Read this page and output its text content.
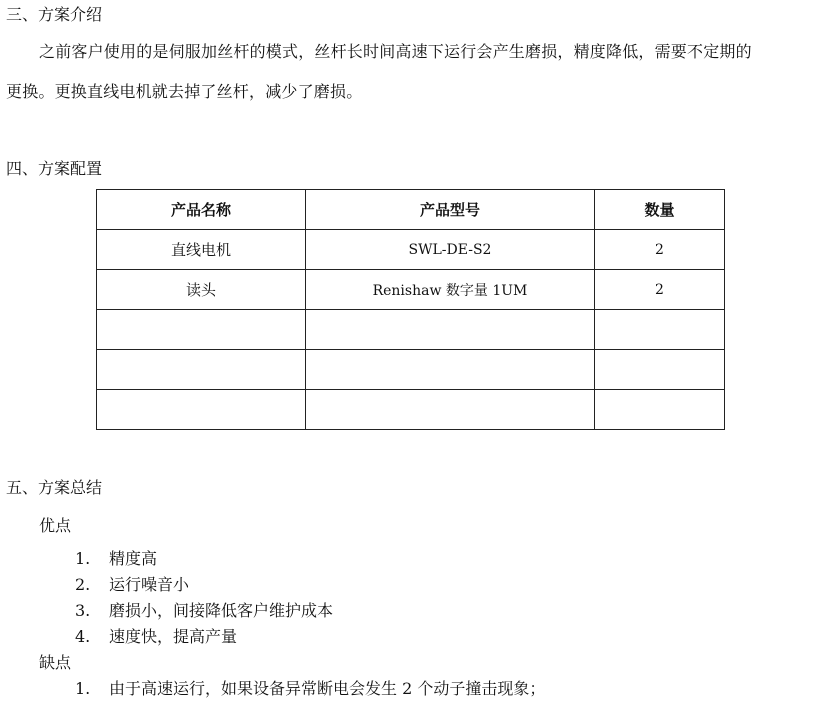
三、方案介绍
之前客户使用的是伺服加丝杆的模式，丝杆长时间高速下运行会产生磨损，精度降低，需要不定期的
更换。更换直线电机就去掉了丝杆，减少了磨损。
四、方案配置
产品名称	产品型号	数量
直线电机	SWL-DE-S2	2
读头	Renishaw 数字量 1UM	2

五、方案总结
优点
1. 精度高
2. 运行噪音小
3. 磨损小，间接降低客户维护成本
4. 速度快，提高产量
缺点
1. 由于高速运行，如果设备异常断电会发生 2 个动子撞击现象；
